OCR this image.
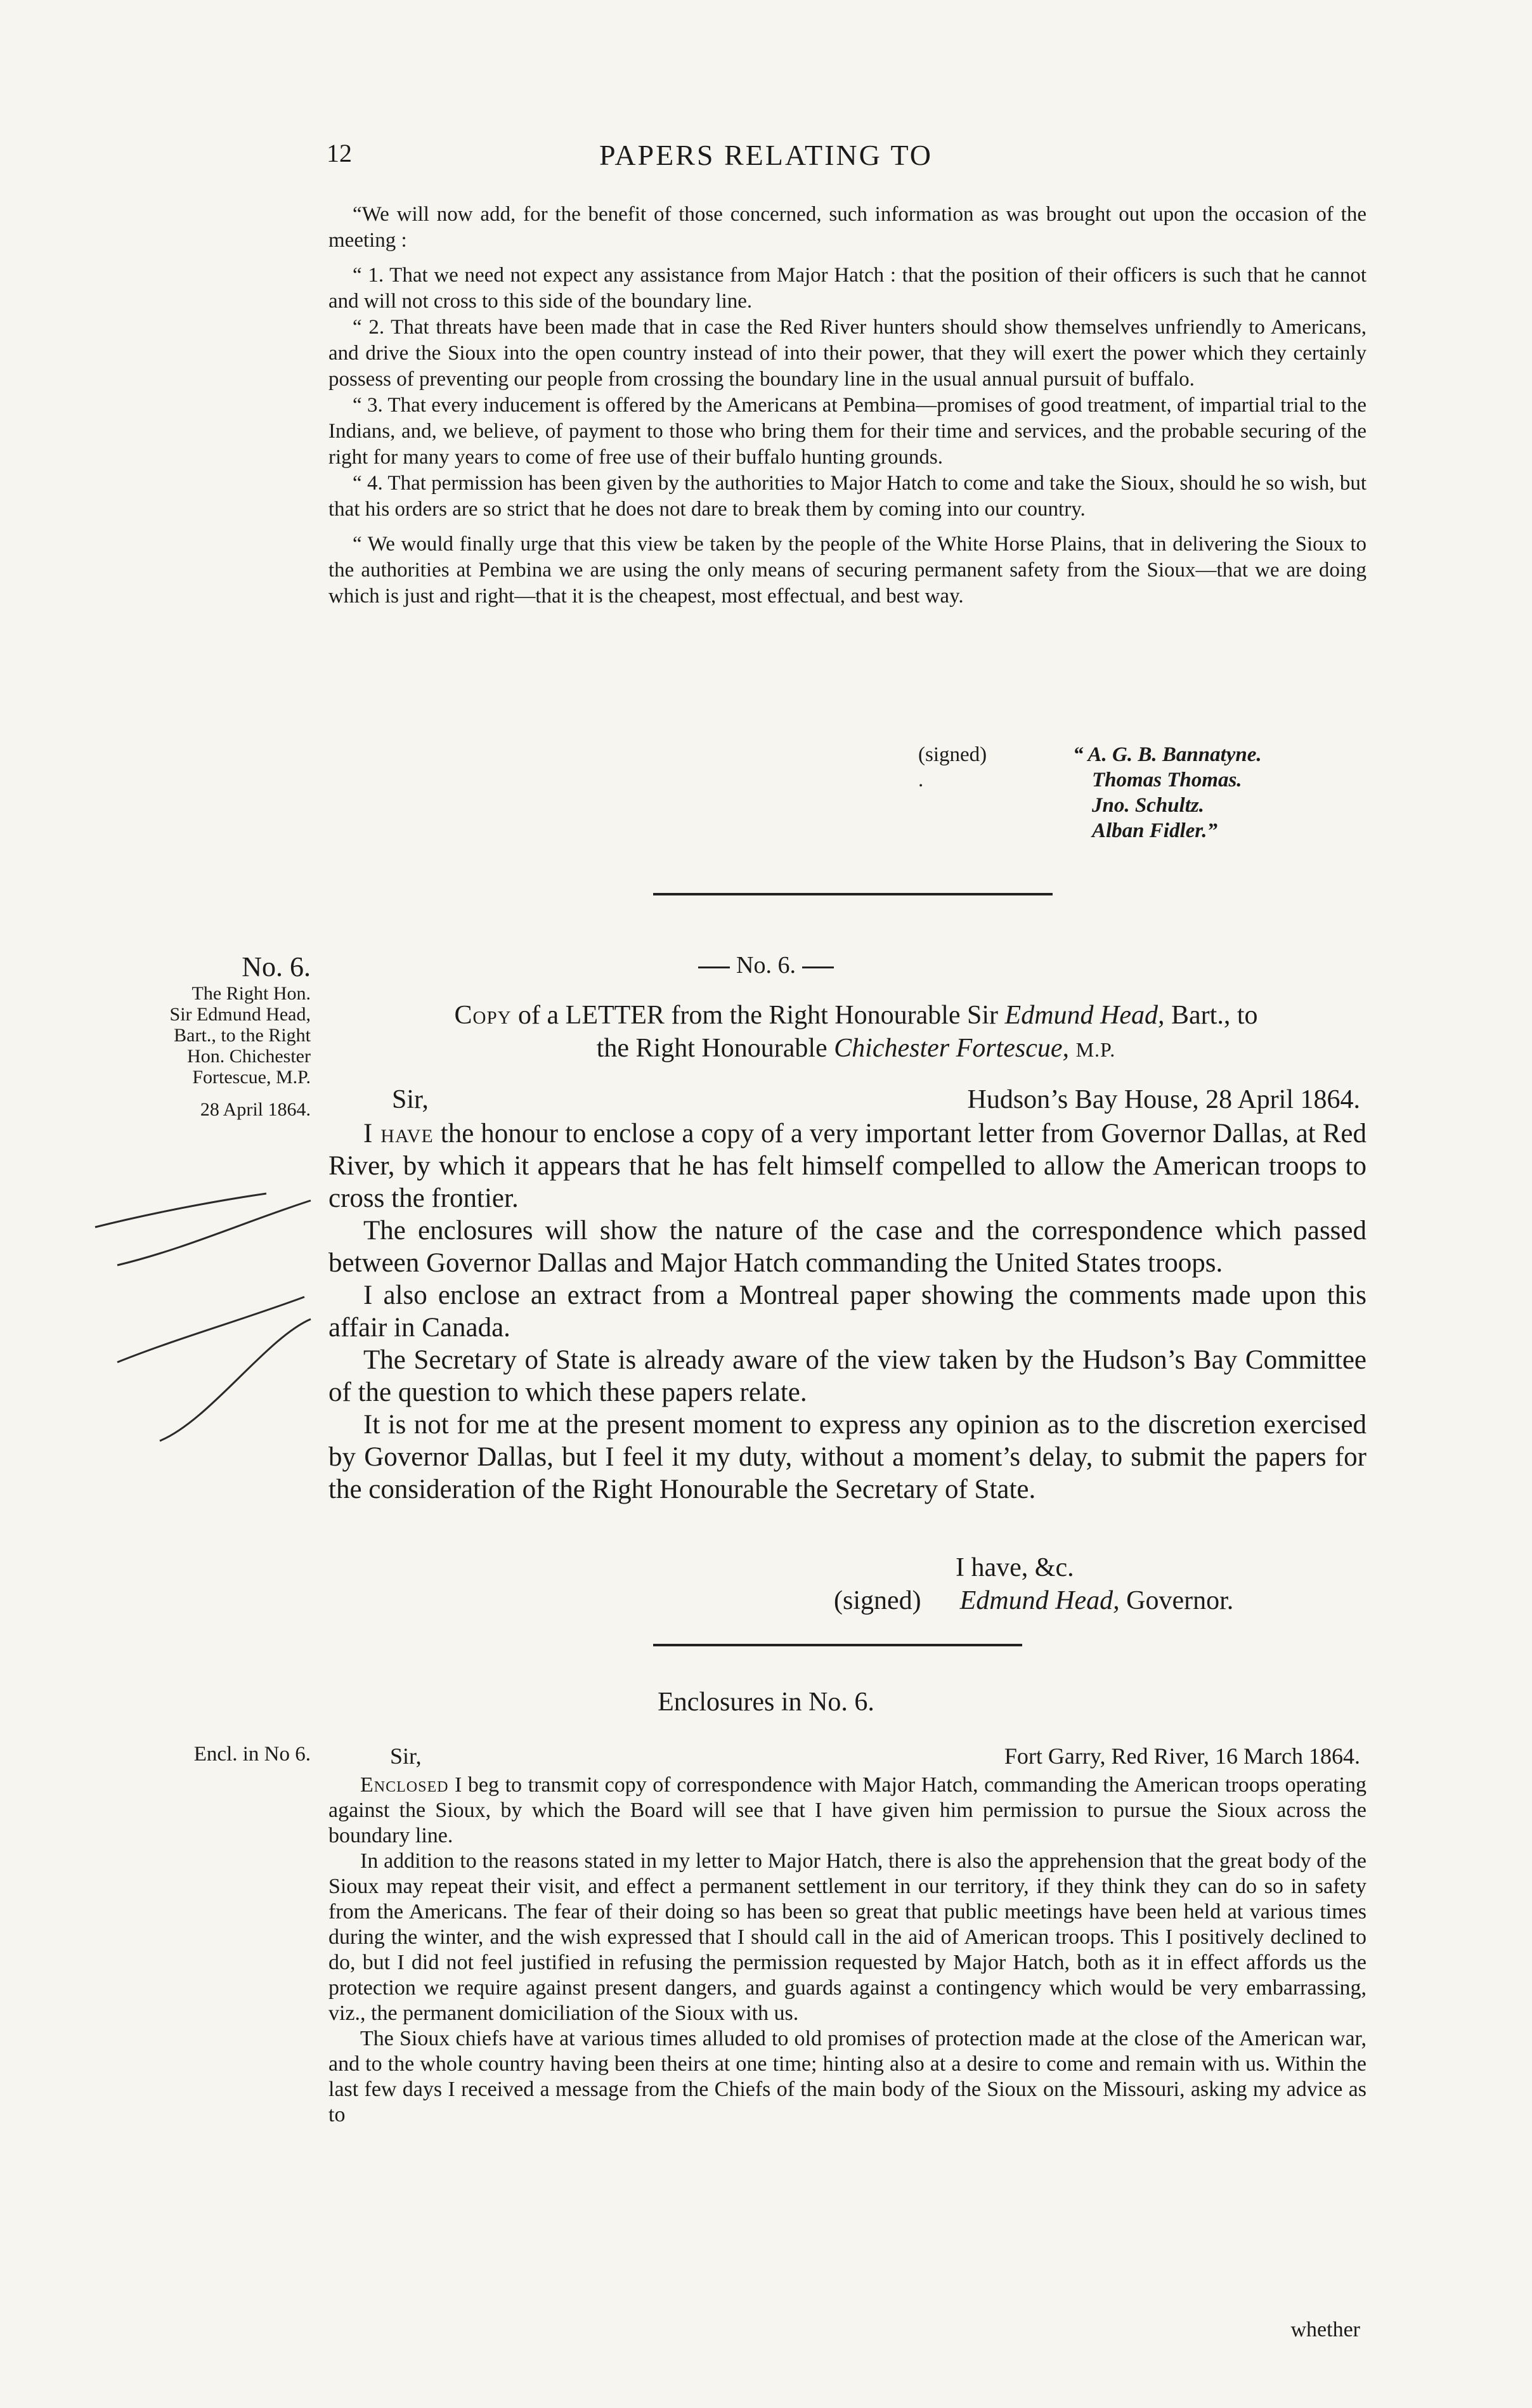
12	PAPERS RELATING TO

“We will now add, for the benefit of those concerned, such information as was brought out upon the occasion of the meeting :

“ 1. That we need not expect any assistance from Major Hatch : that the position of their officers is such that he cannot and will not cross to this side of the boundary line.

“ 2. That threats have been made that in case the Red River hunters should show themselves unfriendly to Americans, and drive the Sioux into the open country instead of into their power, that they will exert the power which they certainly possess of preventing our people from crossing the boundary line in the usual annual pursuit of buffalo.

“ 3. That every inducement is offered by the Americans at Pembina—promises of good treatment, of impartial trial to the Indians, and, we believe, of payment to those who bring them for their time and services, and the probable securing of the right for many years to come of free use of their buffalo hunting grounds.

“ 4. That permission has been given by the authorities to Major Hatch to come and take the Sioux, should he so wish, but that his orders are so strict that he does not dare to break them by coming into our country.

“ We would finally urge that this view be taken by the people of the White Horse Plains, that in delivering the Sioux to the authorities at Pembina we are using the only means of securing permanent safety from the Sioux—that we are doing which is just and right—that it is the cheapest, most effectual, and best way.

(signed) .
“ A. G. B. Bannatyne.
Thomas Thomas.
Jno. Schultz.
Alban Fidler.”
No. 6.
No. 6.
The Right Hon.
Sir Edmund Head,
Bart., to the Right
Hon. Chichester
Fortescue, M.P.
28 April 1864.
Copy of a LETTER from the Right Honourable Sir Edmund Head, Bart., to
the Right Honourable Chichester Fortescue, M.P.
Sir,	Hudson’s Bay House, 28 April 1864.

I have the honour to enclose a copy of a very important letter from Governor Dallas, at Red River, by which it appears that he has felt himself compelled to allow the American troops to cross the frontier.

The enclosures will show the nature of the case and the correspondence which passed between Governor Dallas and Major Hatch commanding the United States troops.

I also enclose an extract from a Montreal paper showing the comments made upon this affair in Canada.

The Secretary of State is already aware of the view taken by the Hudson’s Bay Committee of the question to which these papers relate.

It is not for me at the present moment to express any opinion as to the discretion exercised by Governor Dallas, but I feel it my duty, without a moment’s delay, to submit the papers for the consideration of the Right Honourable the Secretary of State.

I have, &c.
(signed) Edmund Head, Governor.
Enclosures in No. 6.
Encl. in No 6.	Sir,	Fort Garry, Red River, 16 March 1864.

Enclosed I beg to transmit copy of correspondence with Major Hatch, commanding the American troops operating against the Sioux, by which the Board will see that I have given him permission to pursue the Sioux across the boundary line.

In addition to the reasons stated in my letter to Major Hatch, there is also the apprehension that the great body of the Sioux may repeat their visit, and effect a permanent settlement in our territory, if they think they can do so in safety from the Americans. The fear of their doing so has been so great that public meetings have been held at various times during the winter, and the wish expressed that I should call in the aid of American troops. This I positively declined to do, but I did not feel justified in refusing the permission requested by Major Hatch, both as it in effect affords us the protection we require against present dangers, and guards against a contingency which would be very embarrassing, viz., the permanent domiciliation of the Sioux with us.

The Sioux chiefs have at various times alluded to old promises of protection made at the close of the American war, and to the whole country having been theirs at one time; hinting also at a desire to come and remain with us. Within the last few days I received a message from the Chiefs of the main body of the Sioux on the Missouri, asking my advice as to

whether
